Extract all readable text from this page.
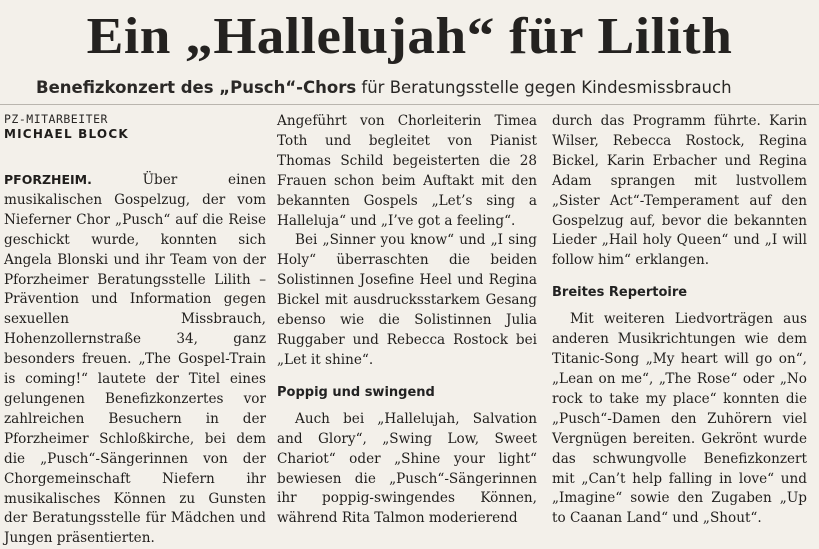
Ein „Hallelujah“ für Lilith
Benefizkonzert des „Pusch“-Chors für Beratungsstelle gegen Kindesmissbrauch
PZ-MITARBEITER
MICHAEL BLOCK

PFORZHEIM. Über einen musikalischen Gospelzug, der vom Nieferner Chor „Pusch“ auf die Reise geschickt wurde, konnten sich Angela Blonski und ihr Team von der Pforzheimer Beratungsstelle Lilith – Prävention und Information gegen sexuellen Missbrauch, Hohenzollernstraße 34, ganz besonders freuen. „The Gospel-Train is coming!“ lautete der Titel eines gelungenen Benefizkonzertes vor zahlreichen Besuchern in der Pforzheimer Schloßkirche, bei dem die „Pusch“-Sängerinnen von der Chorgemeinschaft Niefern ihr musikalisches Können zu Gunsten der Beratungsstelle für Mädchen und Jungen präsentierten.

Angeführt von Chorleiterin Timea Toth und begleitet von Pianist Thomas Schild begeisterten die 28 Frauen schon beim Auftakt mit den bekannten Gospels „Let’s sing a Halleluja“ und „I’ve got a feeling“.

Bei „Sinner you know“ und „I sing Holy“ überraschten die beiden Solistinnen Josefine Heel und Regina Bickel mit ausdrucksstarkem Gesang ebenso wie die Solistinnen Julia Ruggaber und Rebecca Rostock bei „Let it shine“.

Poppig und swingend

Auch bei „Hallelujah, Salvation and Glory“, „Swing Low, Sweet Chariot“ oder „Shine your light“ bewiesen die „Pusch“-Sängerinnen ihr poppig-swingendes Können, während Rita Talmon moderierend

durch das Programm führte. Karin Wilser, Rebecca Rostock, Regina Bickel, Karin Erbacher und Regina Adam sprangen mit lustvollem „Sister Act“-Temperament auf den Gospelzug auf, bevor die bekannten Lieder „Hail holy Queen“ und „I will follow him“ erklangen.

Breites Repertoire

Mit weiteren Liedvorträgen aus anderen Musikrichtungen wie dem Titanic-Song „My heart will go on“, „Lean on me“, „The Rose“ oder „No rock to take my place“ konnten die „Pusch“-Damen den Zuhörern viel Vergnügen bereiten. Gekrönt wurde das schwungvolle Benefizkonzert mit „Can’t help falling in love“ und „Imagine“ sowie den Zugaben „Up to Caanan Land“ und „Shout“.
